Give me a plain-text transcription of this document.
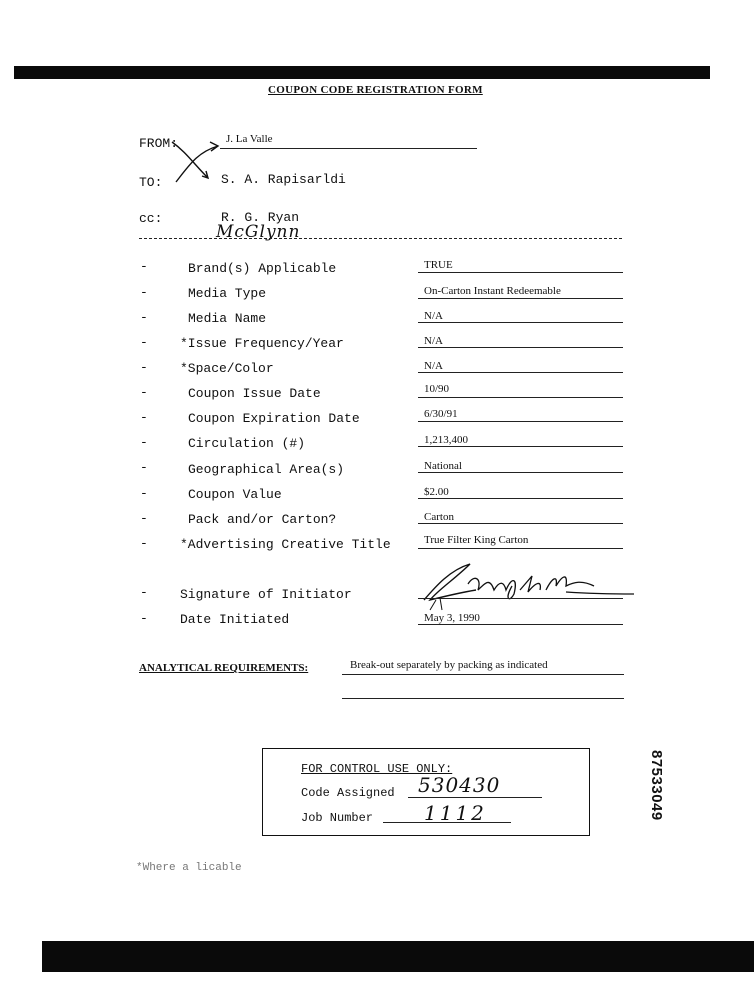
COUPON CODE REGISTRATION FORM
FROM:	J. La Valle
TO:	S. A. Rapisarldi
cc:	R. G. Ryan
McGlynn
-	Brand(s) Applicable	TRUE
-	Media Type	On-Carton Instant Redeemable
-	Media Name	N/A
- *Issue Frequency/Year	N/A
- *Space/Color	N/A
-	Coupon Issue Date	10/90
-	Coupon Expiration Date	6/30/91
-	Circulation (#)	1,213,400
-	Geographical Area(s)	National
-	Coupon Value	$2.00
-	Pack and/or Carton?	Carton
- *Advertising Creative Title	True Filter King Carton
- Signature of Initiator
- Date Initiated	May 3, 1990
ANALYTICAL REQUIREMENTS:	Break-out separately by packing as indicated
FOR CONTROL USE ONLY:
Code Assigned 530430
Job Number	1112	87533049
*Where a licable
